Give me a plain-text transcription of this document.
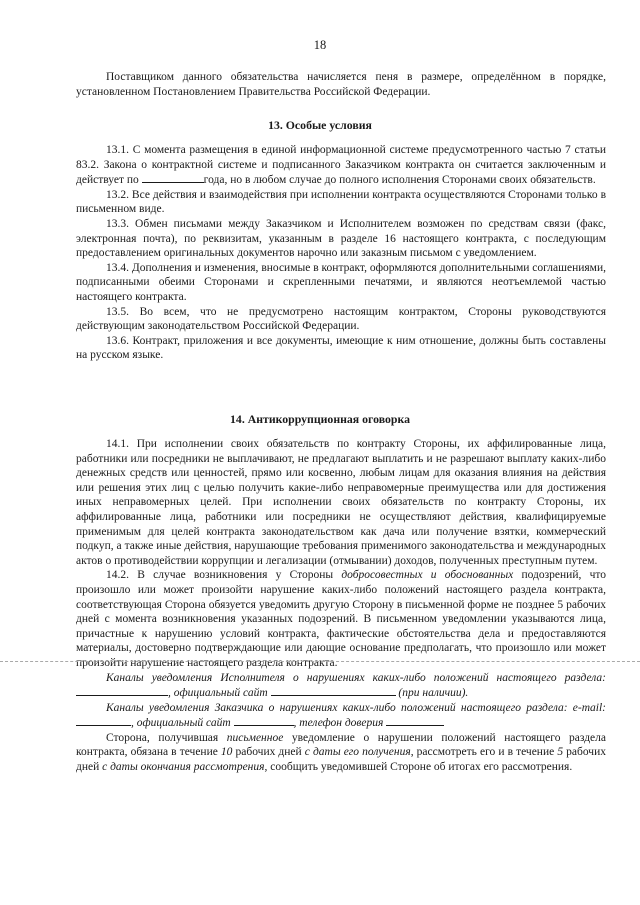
18

Поставщиком данного обязательства начисляется пеня в размере, определённом в порядке, установленном Постановлением Правительства Российской Федерации.

13. Особые условия

13.1. С момента размещения в единой информационной системе предусмотренного частью 7 статьи 83.2. Закона о контрактной системе и подписанного Заказчиком контракта он считается заключенным и действует по	года, но в любом случае до полного исполнения Сторонами своих обязательств.

13.2. Все действия и взаимодействия при исполнении контракта осуществляются Сторонами только в письменном виде.

13.3. Обмен письмами между Заказчиком и Исполнителем возможен по средствам связи (факс, электронная почта), по реквизитам, указанным в разделе 16 настоящего контракта, с последующим предоставлением оригинальных документов нарочно или заказным письмом с уведомлением.

13.4. Дополнения и изменения, вносимые в контракт, оформляются дополнительными соглашениями, подписанными обеими Сторонами и скрепленными печатями, и являются неотъемлемой частью настоящего контракта.

13.5. Во всем, что не предусмотрено настоящим контрактом, Стороны руководствуются действующим законодательством Российской Федерации.

13.6. Контракт, приложения и все документы, имеющие к ним отношение, должны быть составлены на русском языке.

14. Антикоррупционная оговорка

14.1. При исполнении своих обязательств по контракту Стороны, их аффилированные лица, работники или посредники не выплачивают, не предлагают выплатить и не разрешают выплату каких-либо денежных средств или ценностей, прямо или косвенно, любым лицам для оказания влияния на действия или решения этих лиц с целью получить какие-либо неправомерные преимущества или для достижения иных неправомерных целей. При исполнении своих обязательств по контракту Стороны, их аффилированные лица, работники или посредники не осуществляют действия, квалифицируемые применимым для целей контракта законодательством как дача или получение взятки, коммерческий подкуп, а также иные действия, нарушающие требования применимого законодательства и международных актов о противодействии коррупции и легализации (отмывании) доходов, полученных преступным путем.

14.2. В случае возникновения у Стороны добросовестных и обоснованных подозрений, что произошло или может произойти нарушение каких-либо положений настоящего раздела контракта, соответствующая Сторона обязуется уведомить другую Сторону в письменной форме не позднее 5 рабочих дней с момента возникновения указанных подозрений. В письменном уведомлении указываются лица, причастные к нарушению условий контракта, фактические обстоятельства дела и предоставляются материалы, достоверно подтверждающие или дающие основание предполагать, что произошло или может произойти нарушение настоящего раздела контракта.

Каналы уведомления Исполнителя о нарушениях каких-либо положений настоящего раздела: , официальный сайт	(при наличии).

Каналы уведомления Заказчика о нарушениях каких-либо положений настоящего раздела: e-mail: , официальный сайт	, телефон доверия

Сторона, получившая письменное уведомление о нарушении положений настоящего раздела контракта, обязана в течение 10 рабочих дней с даты его получения, рассмотреть его и в течение 5 рабочих дней с даты окончания рассмотрения, сообщить уведомившей Стороне об итогах его рассмотрения.
